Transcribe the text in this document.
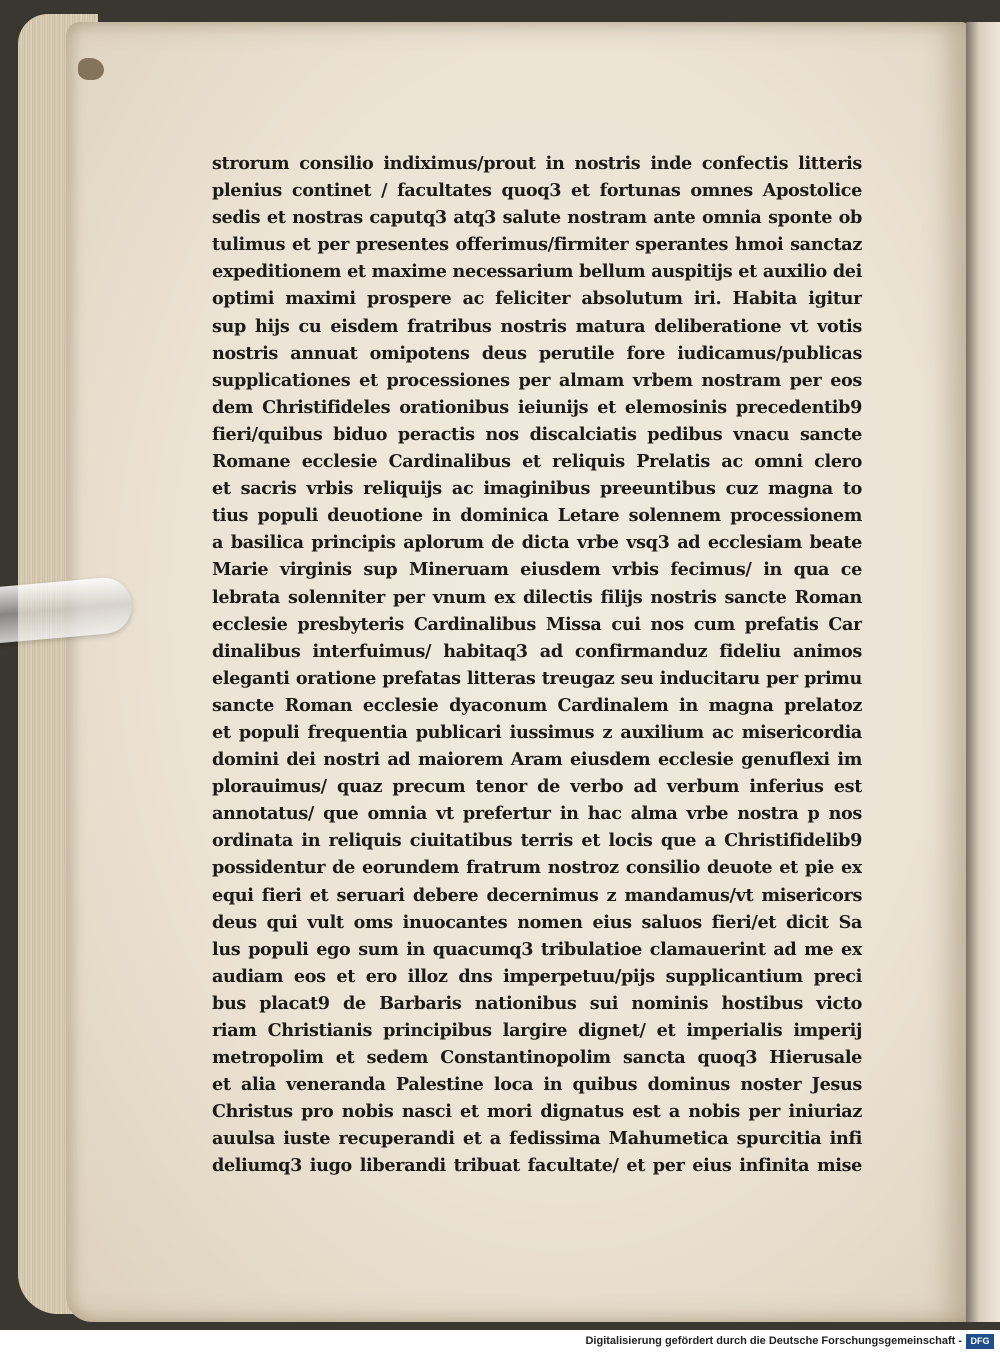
strorum consilio indiximus/prout in nostris inde confectis litteris
plenius continet / facultates quoq3 et fortunas omnes Apostolice
sedis et nostras caputq3 atq3 salute nostram ante omnia sponte ob
tulimus et per presentes offerimus/firmiter sperantes hmoi sanctaz
expeditionem et maxime necessarium bellum auspitijs et auxilio dei
optimi maximi prospere ac feliciter absolutum iri. Habita igitur
sup hijs cu eisdem fratribus nostris matura deliberatione vt votis
nostris annuat omipotens deus perutile fore iudicamus/publicas
supplicationes et processiones per almam vrbem nostram per eos
dem Christifideles orationibus ieiunijs et elemosinis precedentib9
fieri/quibus biduo peractis nos discalciatis pedibus vnacu sancte
Romane ecclesie Cardinalibus et reliquis Prelatis ac omni clero
et sacris vrbis reliquijs ac imaginibus preeuntibus cuz magna to
tius populi deuotione in dominica Letare solennem processionem
a basilica principis aplorum de dicta vrbe vsq3 ad ecclesiam beate
Marie virginis sup Mineruam eiusdem vrbis fecimus/ in qua ce
lebrata solenniter per vnum ex dilectis filijs nostris sancte Roman
ecclesie presbyteris Cardinalibus Missa cui nos cum prefatis Car
dinalibus interfuimus/ habitaq3 ad confirmanduz fideliu animos
eleganti oratione prefatas litteras treugaz seu inducitaru per primu
sancte Roman ecclesie dyaconum Cardinalem in magna prelatoz
et populi frequentia publicari iussimus z auxilium ac misericordia
domini dei nostri ad maiorem Aram eiusdem ecclesie genuflexi im
plorauimus/ quaz precum tenor de verbo ad verbum inferius est
annotatus/ que omnia vt prefertur in hac alma vrbe nostra p nos
ordinata in reliquis ciuitatibus terris et locis que a Christifidelib9
possidentur de eorundem fratrum nostroz consilio deuote et pie ex
equi fieri et seruari debere decernimus z mandamus/vt misericors
deus qui vult oms inuocantes nomen eius saluos fieri/et dicit Sa
lus populi ego sum in quacumq3 tribulatioe clamauerint ad me ex
audiam eos et ero illoz dns imperpetuu/pijs supplicantium preci
bus placat9 de Barbaris nationibus sui nominis hostibus victo
riam Christianis principibus largire dignet/ et imperialis imperij
metropolim et sedem Constantinopolim sancta quoq3 Hierusale
et alia veneranda Palestine loca in quibus dominus noster Jesus
Christus pro nobis nasci et mori dignatus est a nobis per iniuriaz
auulsa iuste recuperandi et a fedissima Mahumetica spurcitia infi
deliumq3 iugo liberandi tribuat facultate/ et per eius infinita mise
Digitalisierung gefördert durch die Deutsche Forschungsgemeinschaft - DFG
